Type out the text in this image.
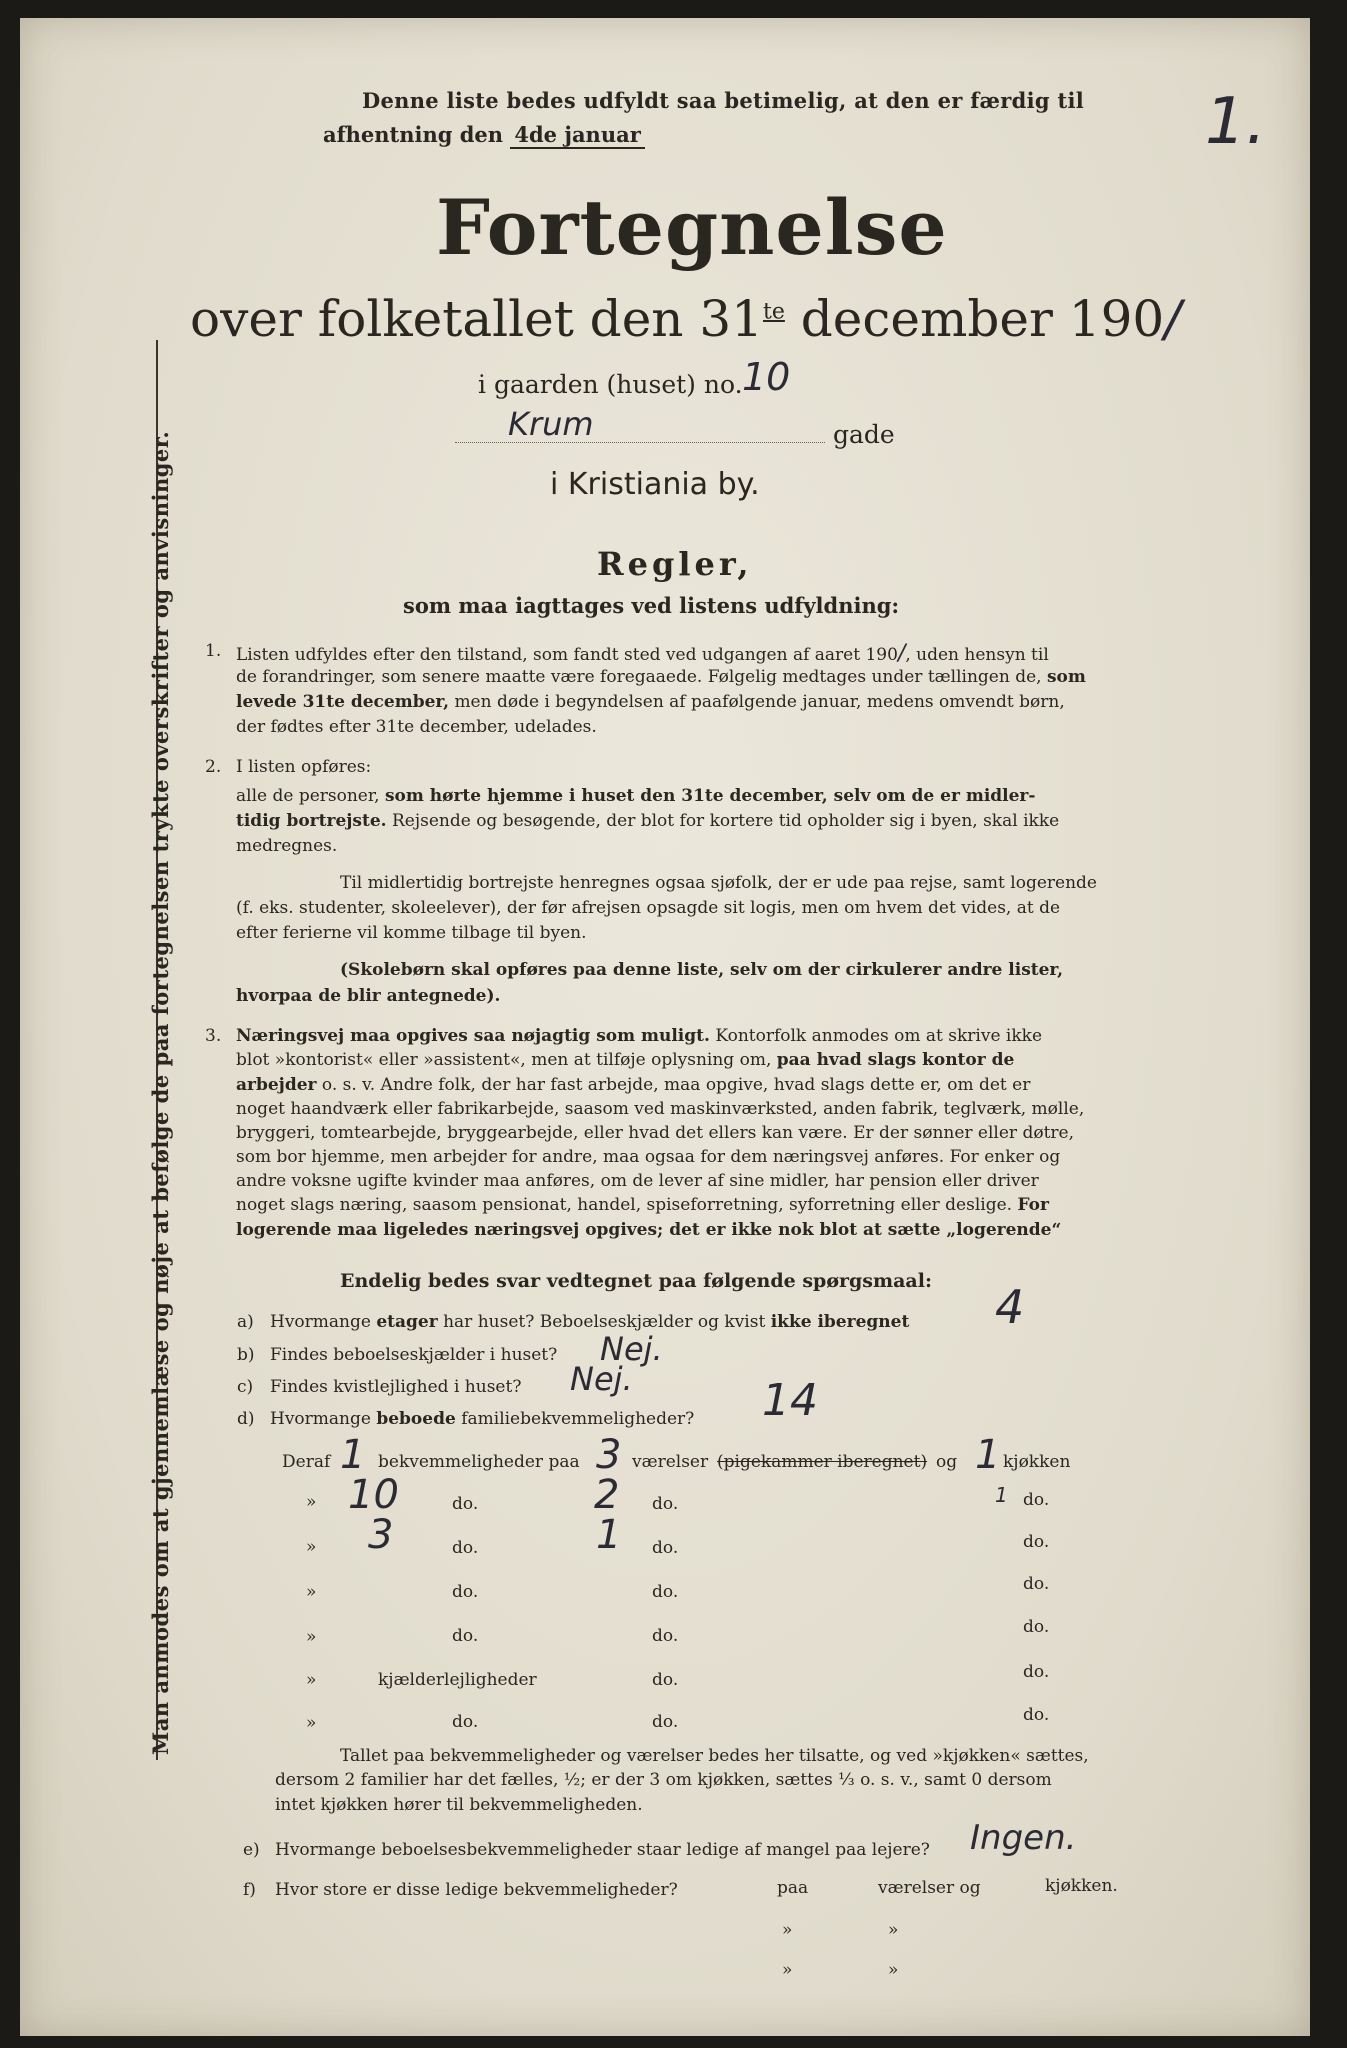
Man anmodes om at gjennemlæse og nøje at befølge de paa fortegnelsen trykte overskrifter og anvisninger.
Denne liste bedes udfyldt saa betimelig, at den er færdig til
afhentning den 4de januar	1.
Fortegnelse
over folketallet den $31^{te}$ december 190/
i gaarden (huset) no. 10
Krum	gade
i Kristiania by.
Regler,
som maa iagttages ved listens udfyldning:
1. Listen udfyldes efter den tilstand, som fandt sted ved udgangen af aaret 190/, uden hensyn til
de forandringer, som senere maatte være foregaaede. Følgelig medtages under tællingen de, som
levede 31te december, men døde i begyndelsen af paafølgende januar, medens omvendt børn,
der fødtes efter 31te december, udelades.
2. I listen opføres:
alle de personer, som hørte hjemme i huset den 31te december, selv om de er midler-
tidig bortrejste. Rejsende og besøgende, der blot for kortere tid opholder sig i byen, skal ikke
medregnes.
Til midlertidig bortrejste henregnes ogsaa sjøfolk, der er ude paa rejse, samt logerende
(f. eks. studenter, skoleelever), der før afrejsen opsagde sit logis, men om hvem det vides, at de
efter ferierne vil komme tilbage til byen.
(Skolebørn skal opføres paa denne liste, selv om der cirkulerer andre lister,
hvorpaa de blir antegnede).
3. Næringsvej maa opgives saa nøjagtig som muligt. Kontorfolk anmodes om at skrive ikke
blot »kontorist« eller »assistent«, men at tilføje oplysning om, paa hvad slags kontor de
arbejder o. s. v. Andre folk, der har fast arbejde, maa opgive, hvad slags dette er, om det er
noget haandværk eller fabrikarbejde, saasom ved maskinværksted, anden fabrik, teglværk, mølle,
bryggeri, tomtearbejde, bryggearbejde, eller hvad det ellers kan være. Er der sønner eller døtre,
som bor hjemme, men arbejder for andre, maa ogsaa for dem næringsvej anføres. For enker og
andre voksne ugifte kvinder maa anføres, om de lever af sine midler, har pension eller driver
noget slags næring, saasom pensionat, handel, spiseforretning, syforretning eller deslige. For
logerende maa ligeledes næringsvej opgives; det er ikke nok blot at sætte „logerende“
Endelig bedes svar vedtegnet paa følgende spørgsmaal:
a) Hvormange etager har huset? Beboelseskjælder og kvist ikke iberegnet 4
b) Findes beboelseskjælder i huset? Nej.
c) Findes kvistlejlighed i huset? Nej.
d) Hvormange beboede familiebekvemmeligheder? 14
Deraf 1 bekvemmeligheder paa 3 værelser (pigekammer iberegnet) og 1 kjøkken
» 10	do.	2 do.	1 do.
» 3	do.	1 do.	do.
»	do.	do.	do.
»	do.	do.	do.
»	kjælderlejligheder	do.	do.
»	do.	do.	do.
Tallet paa bekvemmeligheder og værelser bedes her tilsatte, og ved »kjøkken« sættes,
dersom 2 familier har det fælles, ½; er der 3 om kjøkken, sættes ⅓ o. s. v., samt 0 dersom
intet kjøkken hører til bekvemmeligheden.
e) Hvormange beboelsesbekvemmeligheder staar ledige af mangel paa lejere? Ingen.
f) Hvor store er disse ledige bekvemmeligheder?	paa	værelser og	kjøkken.
»	»
»	»
